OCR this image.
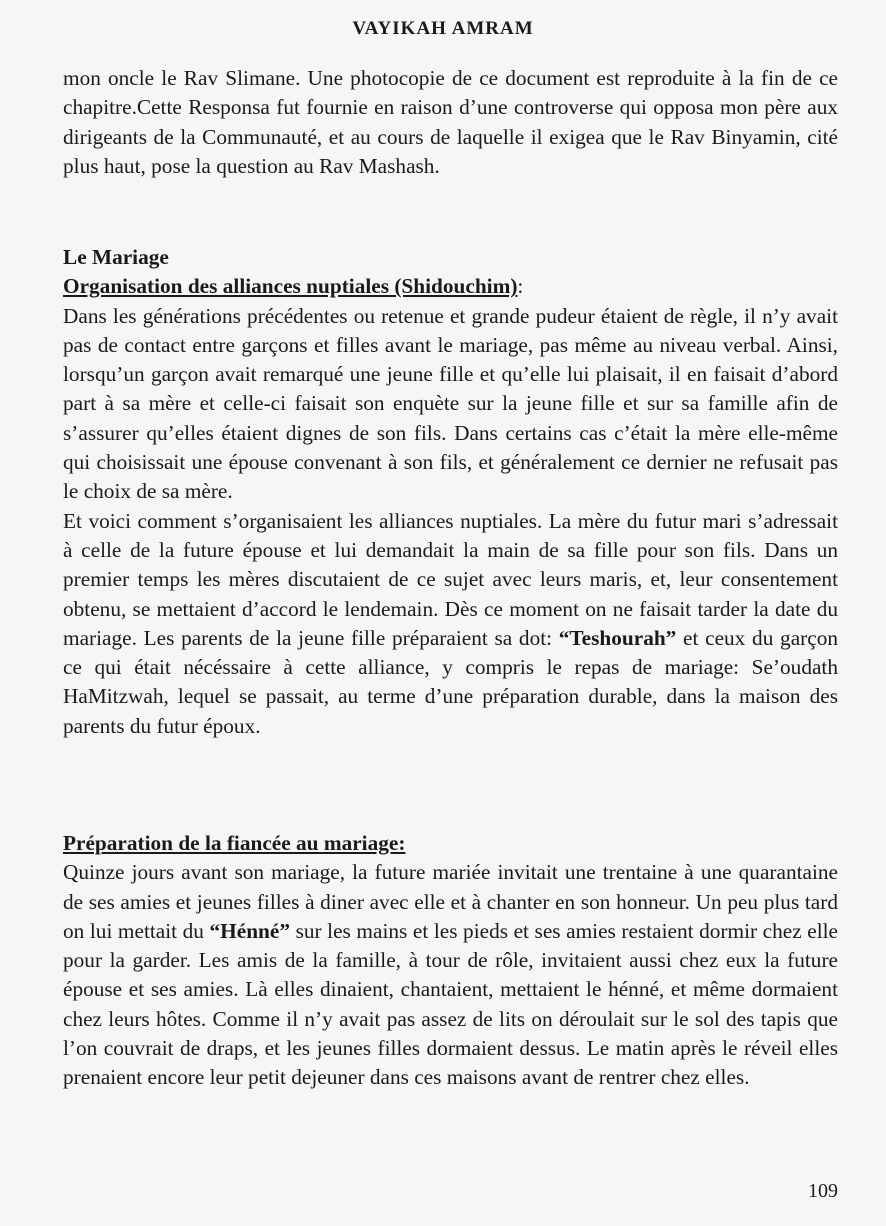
VAYIKAH AMRAM

mon oncle le Rav Slimane. Une photocopie de ce document est reproduite à la fin de ce chapitre.Cette Responsa fut fournie en raison d’une controverse qui opposa mon père aux dirigeants de la Communauté, et au cours de laquelle il exigea que le Rav Binyamin, cité plus haut, pose la question au Rav Mashash.

Le Mariage
Organisation des alliances nuptiales (Shidouchim):

Dans les générations précédentes ou retenue et grande pudeur étaient de règle, il n’y avait pas de contact entre garçons et filles avant le mariage, pas même au niveau verbal. Ainsi, lorsqu’un garçon avait remarqué une jeune fille et qu’elle lui plaisait, il en faisait d’abord part à sa mère et celle-ci faisait son enquète sur la jeune fille et sur sa famille afin de s’assurer qu’elles étaient dignes de son fils. Dans certains cas c’était la mère elle-même qui choisissait une épouse convenant à son fils, et généralement ce dernier ne refusait pas le choix de sa mère.

Et voici comment s’organisaient les alliances nuptiales. La mère du futur mari s’adressait à celle de la future épouse et lui demandait la main de sa fille pour son fils. Dans un premier temps les mères discutaient de ce sujet avec leurs maris, et, leur consentement obtenu, se mettaient d’accord le lendemain. Dès ce moment on ne faisait tarder la date du mariage. Les parents de la jeune fille préparaient sa dot: “Teshourah” et ceux du garçon ce qui était nécéssaire à cette alliance, y compris le repas de mariage: Se’oudath HaMitzwah, lequel se passait, au terme d’une préparation durable, dans la maison des parents du futur époux.

Préparation de la fiancée au mariage:

Quinze jours avant son mariage, la future mariée invitait une trentaine à une quarantaine de ses amies et jeunes filles à diner avec elle et à chanter en son honneur. Un peu plus tard on lui mettait du “Hénné” sur les mains et les pieds et ses amies restaient dormir chez elle pour la garder. Les amis de la famille, à tour de rôle, invitaient aussi chez eux la future épouse et ses amies. Là elles dinaient, chantaient, mettaient le hénné, et même dormaient chez leurs hôtes. Comme il n’y avait pas assez de lits on déroulait sur le sol des tapis que l’on couvrait de draps, et les jeunes filles dormaient dessus. Le matin après le réveil elles prenaient encore leur petit dejeuner dans ces maisons avant de rentrer chez elles.

109
